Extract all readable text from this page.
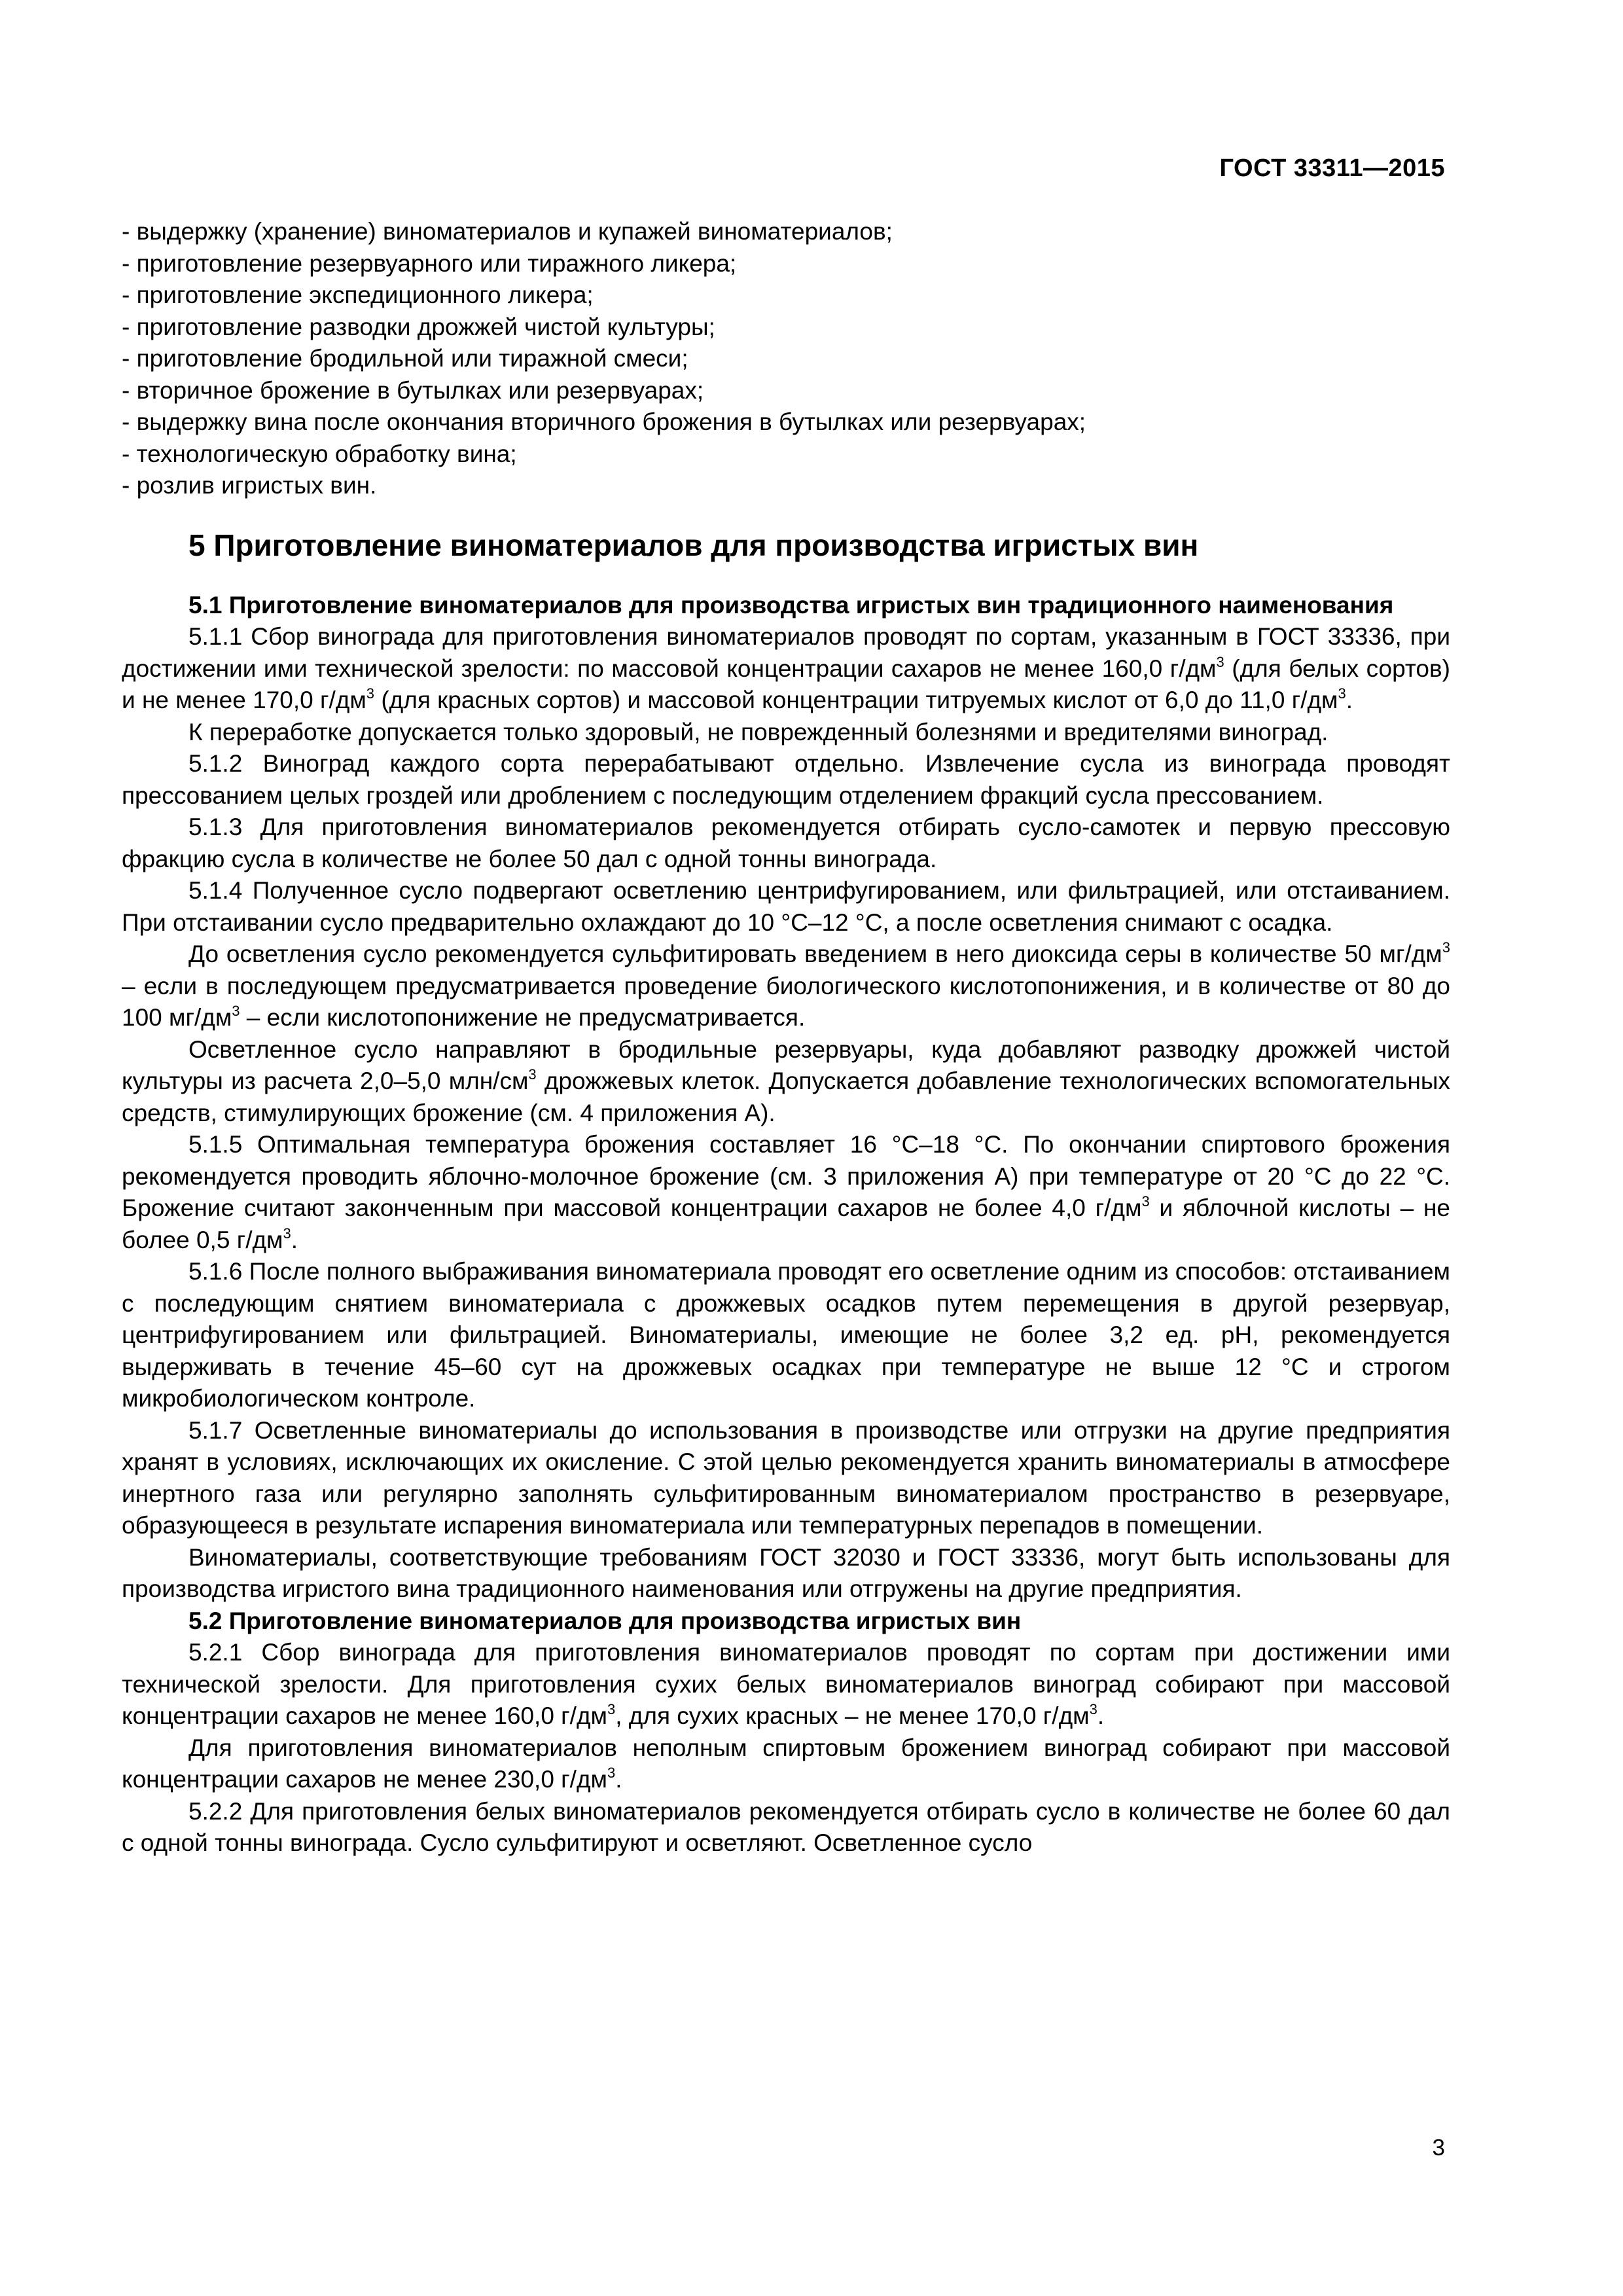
ГОСТ 33311—2015
- выдержку (хранение) виноматериалов и купажей виноматериалов;
- приготовление резервуарного или тиражного ликера;
- приготовление экспедиционного ликера;
- приготовление разводки дрожжей чистой культуры;
- приготовление бродильной или тиражной смеси;
- вторичное брожение в бутылках или резервуарах;
- выдержку вина после окончания вторичного брожения в бутылках или резервуарах;
- технологическую обработку вина;
- розлив игристых вин.
5 Приготовление виноматериалов для производства игристых вин

5.1 Приготовление виноматериалов для производства игристых вин традиционного наименования

5.1.1 Сбор винограда для приготовления виноматериалов проводят по сортам, указанным в ГОСТ 33336, при достижении ими технической зрелости: по массовой концентрации сахаров не менее 160,0 $г/дм^3$ (для белых сортов) и не менее 170,0 $г/дм^3$ (для красных сортов) и массовой концентрации титруемых кислот от 6,0 до 11,0 $г/дм^3$.

К переработке допускается только здоровый, не поврежденный болезнями и вредителями виноград.

5.1.2 Виноград каждого сорта перерабатывают отдельно. Извлечение сусла из винограда проводят прессованием целых гроздей или дроблением с последующим отделением фракций сусла прессованием.

5.1.3 Для приготовления виноматериалов рекомендуется отбирать сусло-самотек и первую прессовую фракцию сусла в количестве не более 50 дал с одной тонны винограда.

5.1.4 Полученное сусло подвергают осветлению центрифугированием, или фильтрацией, или отстаиванием. При отстаивании сусло предварительно охлаждают до 10 °С–12 °С, а после осветления снимают с осадка.

До осветления сусло рекомендуется сульфитировать введением в него диоксида серы в количестве 50 $мг/дм^3$ – если в последующем предусматривается проведение биологического кислотопонижения, и в количестве от 80 до 100 $мг/дм^3$ – если кислотопонижение не предусматривается.

Осветленное сусло направляют в бродильные резервуары, куда добавляют разводку дрожжей чистой культуры из расчета 2,0–5,0 млн/$см^3$ дрожжевых клеток. Допускается добавление технологических вспомогательных средств, стимулирующих брожение (см. 4 приложения А).

5.1.5 Оптимальная температура брожения составляет 16 °С–18 °С. По окончании спиртового брожения рекомендуется проводить яблочно-молочное брожение (см. 3 приложения А) при температуре от 20 °С до 22 °С. Брожение считают законченным при массовой концентрации сахаров не более 4,0 $г/дм^3$ и яблочной кислоты – не более 0,5 $г/дм^3$.

5.1.6 После полного выбраживания виноматериала проводят его осветление одним из способов: отстаиванием с последующим снятием виноматериала с дрожжевых осадков путем перемещения в другой резервуар, центрифугированием или фильтрацией. Виноматериалы, имеющие не более 3,2 ед. рН, рекомендуется выдерживать в течение 45–60 сут на дрожжевых осадках при температуре не выше 12 °С и строгом микробиологическом контроле.

5.1.7 Осветленные виноматериалы до использования в производстве или отгрузки на другие предприятия хранят в условиях, исключающих их окисление. С этой целью рекомендуется хранить виноматериалы в атмосфере инертного газа или регулярно заполнять сульфитированным виноматериалом пространство в резервуаре, образующееся в результате испарения виноматериала или температурных перепадов в помещении.

Виноматериалы, соответствующие требованиям ГОСТ 32030 и ГОСТ 33336, могут быть использованы для производства игристого вина традиционного наименования или отгружены на другие предприятия.

5.2 Приготовление виноматериалов для производства игристых вин

5.2.1 Сбор винограда для приготовления виноматериалов проводят по сортам при достижении ими технической зрелости. Для приготовления сухих белых виноматериалов виноград собирают при массовой концентрации сахаров не менее 160,0 $г/дм^3$, для сухих красных – не менее 170,0 $г/дм^3$.

Для приготовления виноматериалов неполным спиртовым брожением виноград собирают при массовой концентрации сахаров не менее 230,0 $г/дм^3$.

5.2.2 Для приготовления белых виноматериалов рекомендуется отбирать сусло в количестве не более 60 дал с одной тонны винограда. Сусло сульфитируют и осветляют. Осветленное сусло

3
